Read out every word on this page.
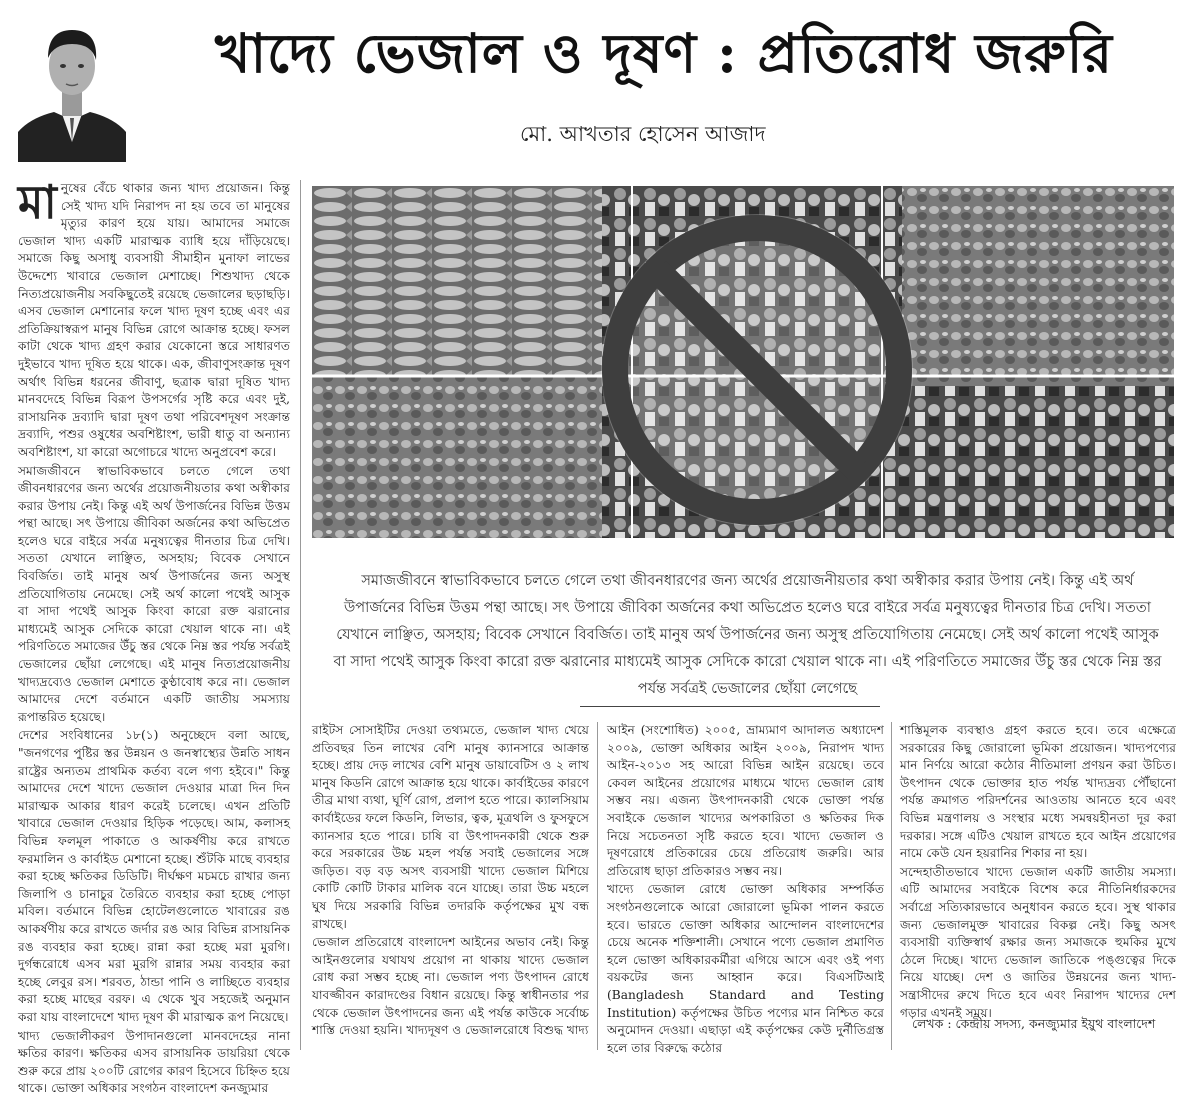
খাদ্যে ভেজাল ও দূষণ : প্রতিরোধ জরুরি
মো. আখতার হোসেন আজাদ

মানুষের বেঁচে থাকার জন্য খাদ্য প্রয়োজন। কিন্তু সেই খাদ্য যদি নিরাপদ না হয় তবে তা মানুষের মৃত্যুর কারণ হয়ে যায়। আমাদের সমাজে ভেজাল খাদ্য একটি মারাত্মক ব্যাধি হয়ে দাঁড়িয়েছে। সমাজে কিছু অসাধু ব্যবসায়ী সীমাহীন মুনাফা লাভের উদ্দেশ্যে খাবারে ভেজাল মেশাচ্ছে। শিশুখাদ্য থেকে নিত্যপ্রয়োজনীয় সবকিছুতেই রয়েছে ভেজালের ছড়াছড়ি। এসব ভেজাল মেশানোর ফলে খাদ্য দূষণ হচ্ছে এবং এর প্রতিক্রিয়াস্বরূপ মানুষ বিভিন্ন রোগে আক্রান্ত হচ্ছে। ফসল কাটা থেকে খাদ্য গ্রহণ করার যেকোনো স্তরে সাধারণত দুইভাবে খাদ্য দূষিত হয়ে থাকে। এক, জীবাণুসংক্রান্ত দূষণ অর্থাৎ বিভিন্ন ধরনের জীবাণু, ছত্রাক দ্বারা দূষিত খাদ্য মানবদেহে বিভিন্ন বিরূপ উপসর্গের সৃষ্টি করে এবং দুই, রাসায়নিক দ্রব্যাদি দ্বারা দূষণ তথা পরিবেশদূষণ সংক্রান্ত দ্রব্যাদি, পশুর ওষুধের অবশিষ্টাংশ, ভারী ধাতু বা অন্যান্য অবশিষ্টাংশ, যা কারো অগোচরে খাদ্যে অনুপ্রবেশ করে।

সমাজজীবনে স্বাভাবিকভাবে চলতে গেলে তথা জীবনধারণের জন্য অর্থের প্রয়োজনীয়তার কথা অস্বীকার করার উপায় নেই। কিন্তু এই অর্থ উপার্জনের বিভিন্ন উত্তম পন্থা আছে। সৎ উপায়ে জীবিকা অর্জনের কথা অভিপ্রেত হলেও ঘরে বাইরে সর্বত্র মনুষ্যত্বের দীনতার চিত্র দেখি। সততা যেখানে লাঞ্ছিত, অসহায়; বিবেক সেখানে বিবর্জিত। তাই মানুষ অর্থ উপার্জনের জন্য অসুস্থ প্রতিযোগিতায় নেমেছে। সেই অর্থ কালো পথেই আসুক বা সাদা পথেই আসুক কিংবা কারো রক্ত ঝরানোর মাধ্যমেই আসুক সেদিকে কারো খেয়াল থাকে না। এই পরিণতিতে সমাজের উঁচু স্তর থেকে নিম্ন স্তর পর্যন্ত সর্বত্রই ভেজালের ছোঁয়া লেগেছে। এই মানুষ নিত্যপ্রয়োজনীয় খাদ্যদ্রব্যেও ভেজাল মেশাতে কুণ্ঠাবোধ করে না। ভেজাল আমাদের দেশে বর্তমানে একটি জাতীয় সমস্যায় রূপান্তরিত হয়েছে।

দেশের সংবিধানের ১৮(১) অনুচ্ছেদে বলা আছে, "জনগণের পুষ্টির স্তর উন্নয়ন ও জনস্বাস্থ্যের উন্নতি সাধন রাষ্ট্রের অন্যতম প্রাথমিক কর্তব্য বলে গণ্য হইবে।" কিন্তু আমাদের দেশে খাদ্যে ভেজাল দেওয়ার মাত্রা দিন দিন মারাত্মক আকার ধারণ করেই চলেছে। এখন প্রতিটি খাবারে ভেজাল দেওয়ার হিড়িক পড়েছে। আম, কলাসহ বিভিন্ন ফলমূল পাকাতে ও আকর্ষণীয় করে রাখতে ফরমালিন ও কার্বাইড মেশানো হচ্ছে। শুঁটকি মাছে ব্যবহার করা হচ্ছে ক্ষতিকর ডিডিটি। দীর্ঘক্ষণ মচমচে রাখার জন্য জিলাপি ও চানাচুর তৈরিতে ব্যবহার করা হচ্ছে পোড়া মবিল। বর্তমানে বিভিন্ন হোটেলগুলোতে খাবারের রঙ আকর্ষণীয় করে রাখতে জর্দার রঙ আর বিভিন্ন রাসায়নিক রঙ ব্যবহার করা হচ্ছে। রান্না করা হচ্ছে মরা মুরগি। দুর্গন্ধরোধে এসব মরা মুরগি রান্নার সময় ব্যবহার করা হচ্ছে লেবুর রস। শরবত, ঠান্ডা পানি ও লাচ্ছিতে ব্যবহার করা হচ্ছে মাছের বরফ। এ থেকে খুব সহজেই অনুমান করা যায় বাংলাদেশে খাদ্য দূষণ কী মারাত্মক রূপ নিয়েছে।

খাদ্য ভেজালীকরণ উপাদানগুলো মানবদেহের নানা ক্ষতির কারণ। ক্ষতিকর এসব রাসায়নিক ডায়রিয়া থেকে শুরু করে প্রায় ২০০টি রোগের কারণ হিসেবে চিহ্নিত হয়ে থাকে। ভোক্তা অধিকার সংগঠন বাংলাদেশ কনজ্যুমার

সমাজজীবনে স্বাভাবিকভাবে চলতে গেলে তথা জীবনধারণের জন্য অর্থের প্রয়োজনীয়তার কথা অস্বীকার করার উপায় নেই। কিন্তু এই অর্থ উপার্জনের বিভিন্ন উত্তম পন্থা আছে। সৎ উপায়ে জীবিকা অর্জনের কথা অভিপ্রেত হলেও ঘরে বাইরে সর্বত্র মনুষ্যত্বের দীনতার চিত্র দেখি। সততা যেখানে লাঞ্ছিত, অসহায়; বিবেক সেখানে বিবর্জিত। তাই মানুষ অর্থ উপার্জনের জন্য অসুস্থ প্রতিযোগিতায় নেমেছে। সেই অর্থ কালো পথেই আসুক বা সাদা পথেই আসুক কিংবা কারো রক্ত ঝরানোর মাধ্যমেই আসুক সেদিকে কারো খেয়াল থাকে না। এই পরিণতিতে সমাজের উঁচু স্তর থেকে নিম্ন স্তর পর্যন্ত সর্বত্রই ভেজালের ছোঁয়া লেগেছে

রাইটস সোসাইটির দেওয়া তথ্যমতে, ভেজাল খাদ্য খেয়ে প্রতিবছর তিন লাখের বেশি মানুষ ক্যানসারে আক্রান্ত হচ্ছে। প্রায় দেড় লাখের বেশি মানুষ ডায়াবেটিস ও ২ লাখ মানুষ কিডনি রোগে আক্রান্ত হয়ে থাকে। কার্বাইডের কারণে তীব্র মাথা ব্যথা, ঘূর্ণি রোগ, প্রলাপ হতে পারে। ক্যালসিয়াম কার্বাইডের ফলে কিডনি, লিভার, ত্বক, মূত্রথলি ও ফুসফুসে ক্যানসার হতে পারে। চাষি বা উৎপাদনকারী থেকে শুরু করে সরকারের উচ্চ মহল পর্যন্ত সবাই ভেজালের সঙ্গে জড়িত। বড় বড় অসৎ ব্যবসায়ী খাদ্যে ভেজাল মিশিয়ে কোটি কোটি টাকার মালিক বনে যাচ্ছে। তারা উচ্চ মহলে ঘুষ দিয়ে সরকারি বিভিন্ন তদারকি কর্তৃপক্ষের মুখ বন্ধ রাখছে।

ভেজাল প্রতিরোধে বাংলাদেশ আইনের অভাব নেই। কিন্তু আইনগুলোর যথাযথ প্রয়োগ না থাকায় খাদ্যে ভেজাল রোধ করা সম্ভব হচ্ছে না। ভেজাল পণ্য উৎপাদন রোধে যাবজ্জীবন কারাদণ্ডের বিধান রয়েছে। কিন্তু স্বাধীনতার পর থেকে ভেজাল উৎপাদনের জন্য এই পর্যন্ত কাউকে সর্বোচ্চ শাস্তি দেওয়া হয়নি। খাদ্যদূষণ ও ভেজালরোধে বিশুদ্ধ খাদ্য

আইন (সংশোধিত) ২০০৫, ভ্রাম্যমাণ আদালত অধ্যাদেশ ২০০৯, ভোক্তা অধিকার আইন ২০০৯, নিরাপদ খাদ্য আইন-২০১৩ সহ আরো বিভিন্ন আইন রয়েছে। তবে কেবল আইনের প্রয়োগের মাধ্যমে খাদ্যে ভেজাল রোধ সম্ভব নয়। এজন্য উৎপাদনকারী থেকে ভোক্তা পর্যন্ত সবাইকে ভেজাল খাদ্যের অপকারিতা ও ক্ষতিকর দিক নিয়ে সচেতনতা সৃষ্টি করতে হবে। খাদ্যে ভেজাল ও দূষণরোধে প্রতিকারের চেয়ে প্রতিরোধ জরুরি। আর প্রতিরোধ ছাড়া প্রতিকারও সম্ভব নয়।

খাদ্যে ভেজাল রোধে ভোক্তা অধিকার সম্পর্কিত সংগঠনগুলোকে আরো জোরালো ভূমিকা পালন করতে হবে। ভারতে ভোক্তা অধিকার আন্দোলন বাংলাদেশের চেয়ে অনেক শক্তিশালী। সেখানে পণ্যে ভেজাল প্রমাণিত হলে ভোক্তা অধিকারকর্মীরা এগিয়ে আসে এবং ওই পণ্য বয়কটের জন্য আহ্বান করে। বিএসটিআই (Bangladesh Standard and Testing Institution) কর্তৃপক্ষের উচিত পণ্যের মান নিশ্চিত করে অনুমোদন দেওয়া। এছাড়া এই কর্তৃপক্ষের কেউ দুর্নীতিগ্রস্ত হলে তার বিরুদ্ধে কঠোর

শাস্তিমূলক ব্যবস্থাও গ্রহণ করতে হবে। তবে এক্ষেত্রে সরকারের কিছু জোরালো ভূমিকা প্রয়োজন। খাদ্যপণ্যের মান নির্ণয়ে আরো কঠোর নীতিমালা প্রণয়ন করা উচিত। উৎপাদন থেকে ভোক্তার হাত পর্যন্ত খাদ্যদ্রব্য পৌঁছানো পর্যন্ত ক্রমাগত পরিদর্শনের আওতায় আনতে হবে এবং বিভিন্ন মন্ত্রণালয় ও সংস্থার মধ্যে সমন্বয়হীনতা দূর করা দরকার। সঙ্গে এটিও খেয়াল রাখতে হবে আইন প্রয়োগের নামে কেউ যেন হয়রানির শিকার না হয়।

সন্দেহাতীতভাবে খাদ্যে ভেজাল একটি জাতীয় সমস্যা। এটি আমাদের সবাইকে বিশেষ করে নীতিনির্ধারকদের সর্বাগ্রে সত্যিকারভাবে অনুধাবন করতে হবে। সুস্থ থাকার জন্য ভেজালমুক্ত খাবারের বিকল্প নেই। কিছু অসৎ ব্যবসায়ী ব্যক্তিস্বার্থ রক্ষার জন্য সমাজকে হুমকির মুখে ঠেলে দিচ্ছে। খাদ্যে ভেজাল জাতিকে পঙ্গুত্বের দিকে নিয়ে যাচ্ছে। দেশ ও জাতির উন্নয়নের জন্য খাদ্য-সন্ত্রাসীদের রুখে দিতে হবে এবং নিরাপদ খাদ্যের দেশ গড়ার এখনই সময়।

লেখক : কেন্দ্রীয় সদস্য, কনজ্যুমার ইয়ুথ বাংলাদেশ
